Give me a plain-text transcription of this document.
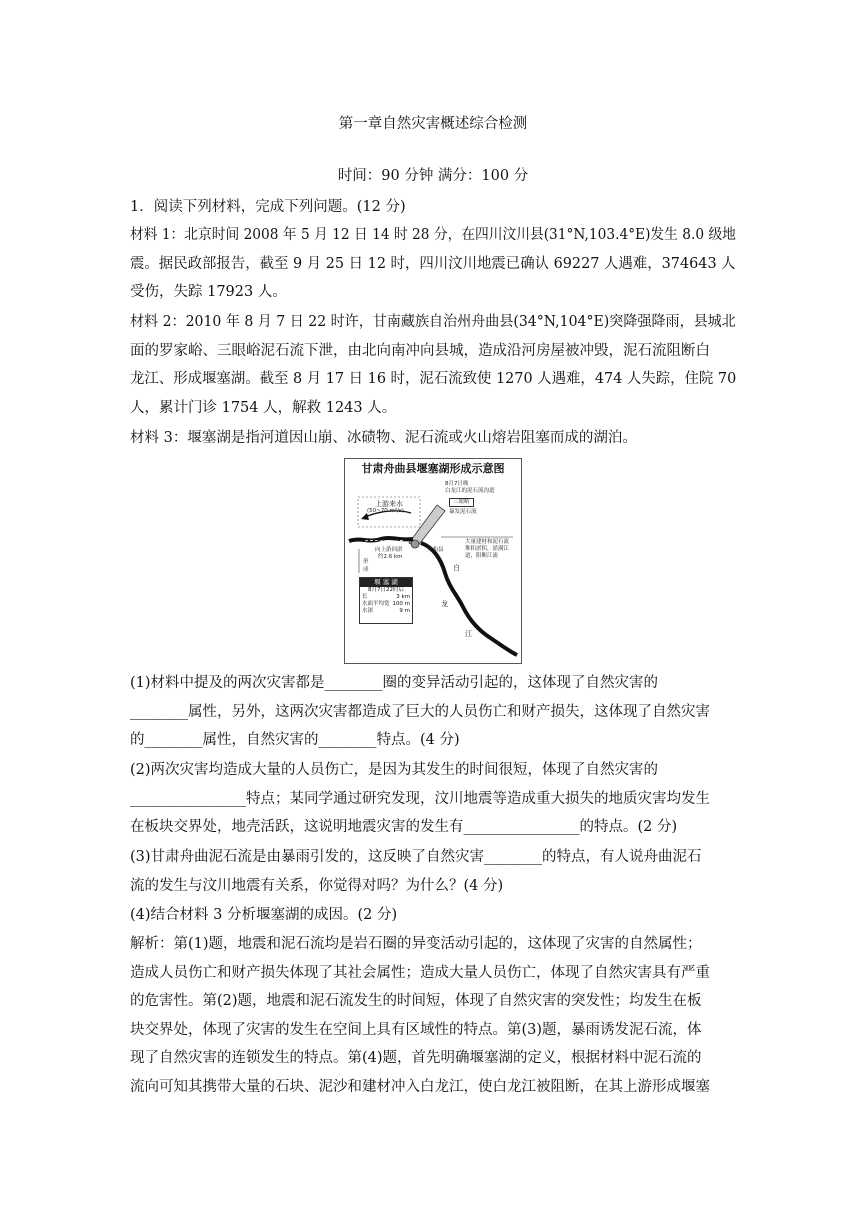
第一章自然灾害概述综合检测
时间：90 分钟 满分：100 分
1．阅读下列材料，完成下列问题。(12 分)
材料 1：北京时间 2008 年 5 月 12 日 14 时 28 分，在四川汶川县(31°N,103.4°E)发生 8.0 级地
震。据民政部报告，截至 9 月 25 日 12 时，四川汶川地震已确认 69227 人遇难，374643 人
受伤，失踪 17923 人。
材料 2：2010 年 8 月 7 日 22 时许，甘南藏族自治州舟曲县(34°N,104°E)突降强降雨，县城北
面的罗家峪、三眼峪泥石流下泄，由北向南冲向县城，造成沿河房屋被冲毁，泥石流阻断白
龙江、形成堰塞湖。截至 8 月 17 日 16 时，泥石流致使 1270 人遇难，474 人失踪，住院 70
人，累计门诊 1754 人，解救 1243 人。
材料 3：堰塞湖是指河道因山崩、冰碛物、泥石流或火山熔岩阻塞而成的湖泊。
甘肃舟曲县堰塞湖形成示意图
8月7日晚
白龙江的泥石流沟道
三眼峪
暴发泥石流
上游来水
(50~70 m³/s)
大量建材和泥石流
堆积淤积，淤满江
道，阻断江流
向上游回淤
约2.6 km
舟曲县
白
龙
江
形
成
堰 塞 湖
8月7日22时后
长	3 km
水面平均宽 100 m
水深	9 m
(1)材料中提及的两次灾害都是________圈的变异活动引起的，这体现了自然灾害的
________属性，另外，这两次灾害都造成了巨大的人员伤亡和财产损失，这体现了自然灾害
的________属性，自然灾害的________特点。(4 分)
(2)两次灾害均造成大量的人员伤亡，是因为其发生的时间很短，体现了自然灾害的
________________特点；某同学通过研究发现，汶川地震等造成重大损失的地质灾害均发生
在板块交界处，地壳活跃，这说明地震灾害的发生有________________的特点。(2 分)
(3)甘肃舟曲泥石流是由暴雨引发的，这反映了自然灾害________的特点，有人说舟曲泥石
流的发生与汶川地震有关系，你觉得对吗？为什么？(4 分)
(4)结合材料 3 分析堰塞湖的成因。(2 分)
解析：第(1)题，地震和泥石流均是岩石圈的异变活动引起的，这体现了灾害的自然属性；
造成人员伤亡和财产损失体现了其社会属性；造成大量人员伤亡，体现了自然灾害具有严重
的危害性。第(2)题，地震和泥石流发生的时间短，体现了自然灾害的突发性；均发生在板
块交界处，体现了灾害的发生在空间上具有区域性的特点。第(3)题，暴雨诱发泥石流，体
现了自然灾害的连锁发生的特点。第(4)题，首先明确堰塞湖的定义，根据材料中泥石流的
流向可知其携带大量的石块、泥沙和建材冲入白龙江，使白龙江被阻断，在其上游形成堰塞
